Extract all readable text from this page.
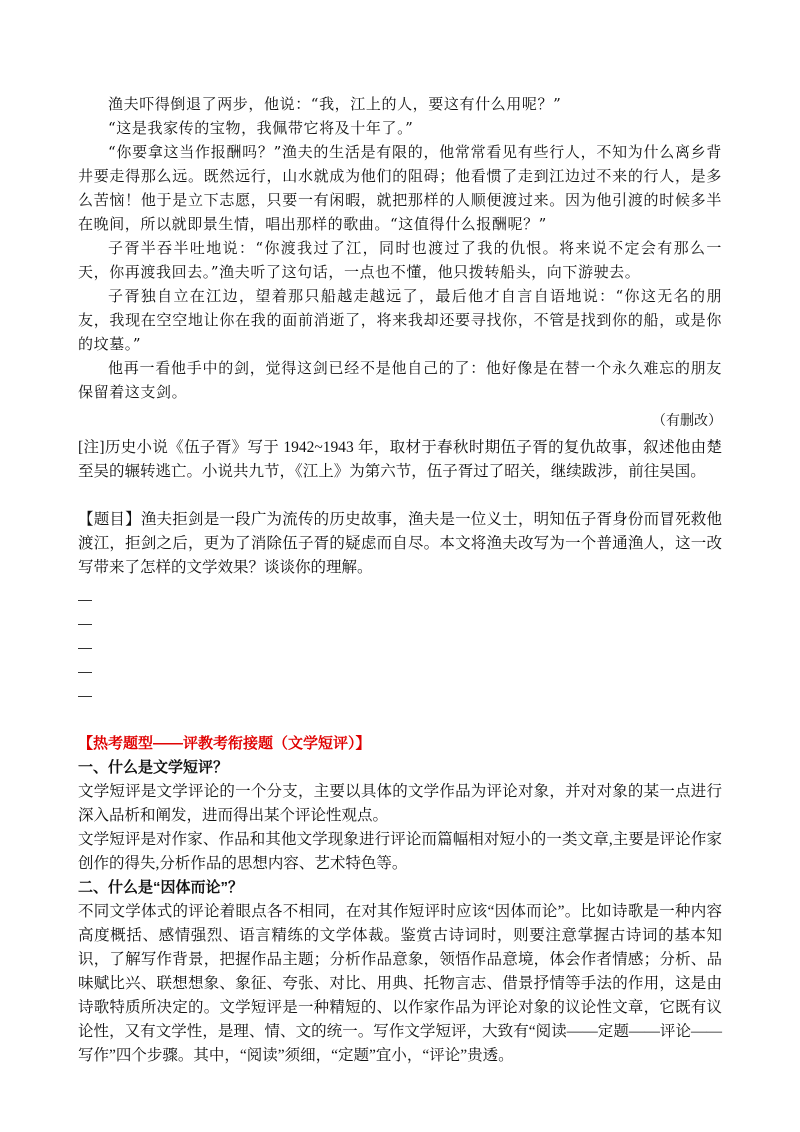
渔夫吓得倒退了两步，他说：“我，江上的人，要这有什么用呢？”

“这是我家传的宝物，我佩带它将及十年了。”

“你要拿这当作报酬吗？”渔夫的生活是有限的，他常常看见有些行人，不知为什么离乡背井要走得那么远。既然远行，山水就成为他们的阻碍；他看惯了走到江边过不来的行人，是多么苦恼！他于是立下志愿，只要一有闲暇，就把那样的人顺便渡过来。因为他引渡的时候多半在晚间，所以就即景生情，唱出那样的歌曲。“这值得什么报酬呢？”

子胥半吞半吐地说：“你渡我过了江，同时也渡过了我的仇恨。将来说不定会有那么一天，你再渡我回去。”渔夫听了这句话，一点也不懂，他只拨转船头，向下游驶去。

子胥独自立在江边，望着那只船越走越远了，最后他才自言自语地说：“你这无名的朋友，我现在空空地让你在我的面前消逝了，将来我却还要寻找你，不管是找到你的船，或是你的坟墓。”

他再一看他手中的剑，觉得这剑已经不是他自己的了：他好像是在替一个永久难忘的朋友保留着这支剑。

（有删改）

[注]历史小说《伍子胥》写于 1942~1943 年，取材于春秋时期伍子胥的复仇故事，叙述他由楚至吴的辗转逃亡。小说共九节，《江上》为第六节，伍子胥过了昭关，继续跋涉，前往吴国。

【题目】渔夫拒剑是一段广为流传的历史故事，渔夫是一位义士，明知伍子胥身份而冒死救他渡江，拒剑之后，更为了消除伍子胥的疑虑而自尽。本文将渔夫改写为一个普通渔人，这一改写带来了怎样的文学效果？谈谈你的理解。

【热考题型——评教考衔接题（文学短评）】

一、什么是文学短评？

文学短评是文学评论的一个分支，主要以具体的文学作品为评论对象，并对对象的某一点进行深入品析和阐发，进而得出某个评论性观点。

文学短评是对作家、作品和其他文学现象进行评论而篇幅相对短小的一类文章,主要是评论作家创作的得失,分析作品的思想内容、艺术特色等。

二、什么是“因体而论”？

不同文学体式的评论着眼点各不相同，在对其作短评时应该“因体而论”。比如诗歌是一种内容高度概括、感情强烈、语言精练的文学体裁。鉴赏古诗词时，则要注意掌握古诗词的基本知识，了解写作背景，把握作品主题；分析作品意象，领悟作品意境，体会作者情感；分析、品味赋比兴、联想想象、象征、夸张、对比、用典、托物言志、借景抒情等手法的作用，这是由诗歌特质所决定的。文学短评是一种精短的、以作家作品为评论对象的议论性文章，它既有议论性，又有文学性，是理、情、文的统一。写作文学短评，大致有“阅读——定题——评论——写作”四个步骤。其中，“阅读”须细，“定题”宜小，“评论”贵透。
